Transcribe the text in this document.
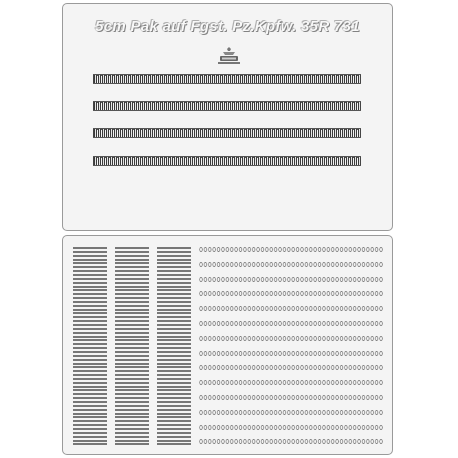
5cm Pak auf Fgst. Pz.Kpfw. 35R 731
